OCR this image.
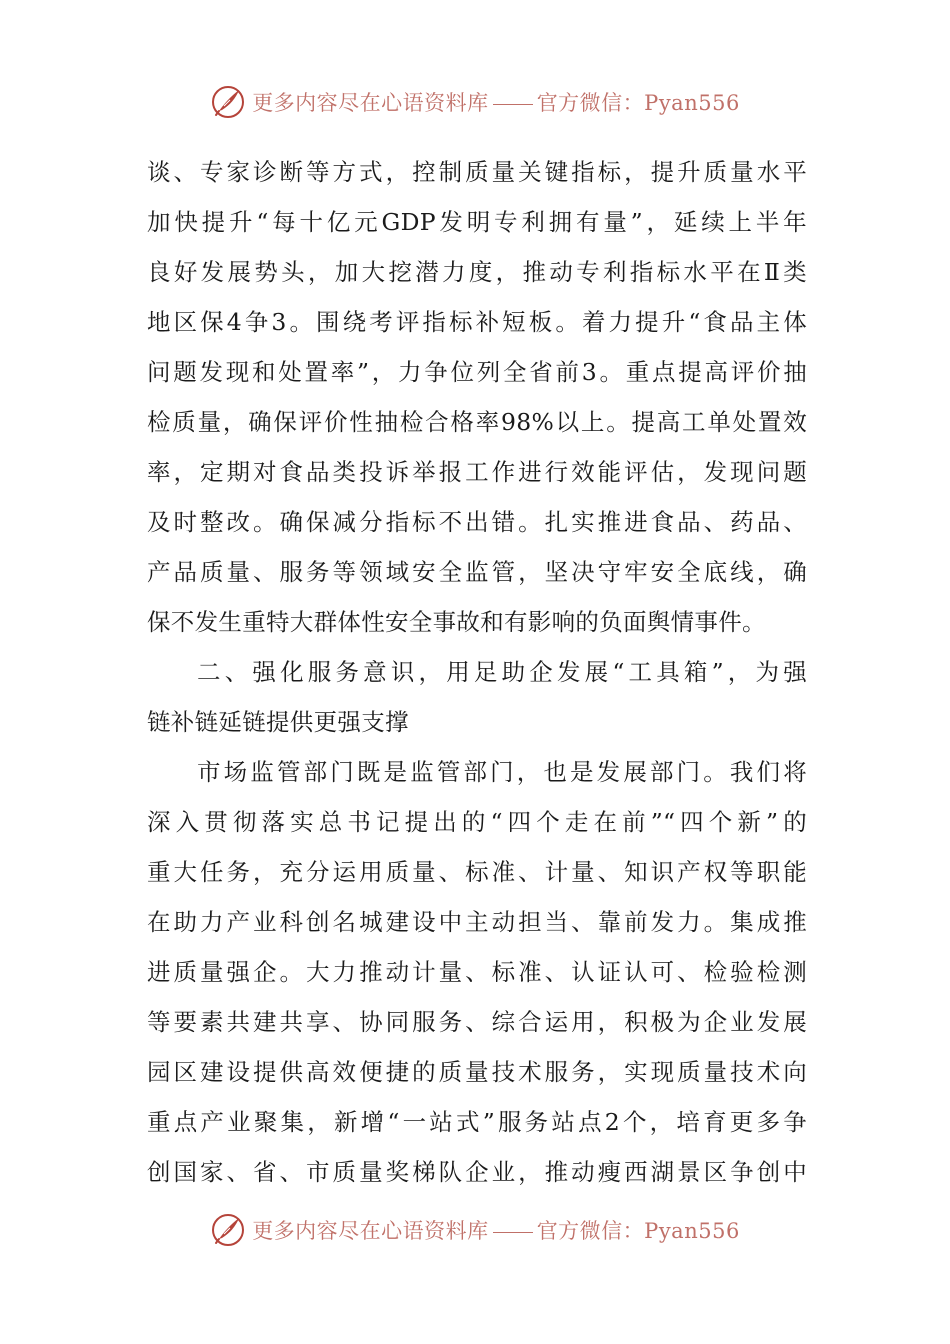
更多内容尽在心语资料库 官方微信：Pyan556

谈、专家诊断等方式，控制质量关键指标，提升质量水平

加快提升“每十亿元GDP发明专利拥有量”，延续上半年

良好发展势头，加大挖潜力度，推动专利指标水平在Ⅱ类

地区保4争3。围绕考评指标补短板。着力提升“食品主体

问题发现和处置率”，力争位列全省前3。重点提高评价抽

检质量，确保评价性抽检合格率98%以上。提高工单处置效

率，定期对食品类投诉举报工作进行效能评估，发现问题

及时整改。确保减分指标不出错。扎实推进食品、药品、

产品质量、服务等领域安全监管，坚决守牢安全底线，确

保不发生重特大群体性安全事故和有影响的负面舆情事件。

二、强化服务意识，用足助企发展“工具箱”，为强

链补链延链提供更强支撑

市场监管部门既是监管部门，也是发展部门。我们将

深入贯彻落实总书记提出的“四个走在前”“四个新”的

重大任务，充分运用质量、标准、计量、知识产权等职能

在助力产业科创名城建设中主动担当、靠前发力。集成推

进质量强企。大力推动计量、标准、认证认可、检验检测

等要素共建共享、协同服务、综合运用，积极为企业发展

园区建设提供高效便捷的质量技术服务，实现质量技术向

重点产业聚集，新增“一站式”服务站点2个，培育更多争

创国家、省、市质量奖梯队企业，推动瘦西湖景区争创中

更多内容尽在心语资料库 官方微信：Pyan556
